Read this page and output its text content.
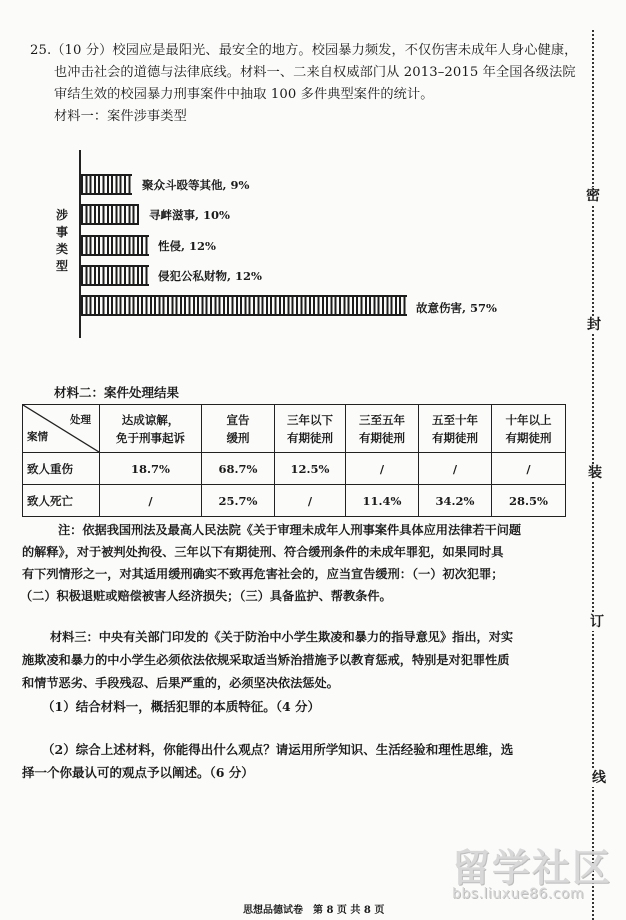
25.（10 分）校园应是最阳光、最安全的地方。校园暴力频发，不仅伤害未成年人身心健康，
也冲击社会的道德与法律底线。材料一、二来自权威部门从 2013–2015 年全国各级法院
审结生效的校园暴力刑事案件中抽取 100 多件典型案件的统计。
材料一：案件涉事类型
涉
事
类
型
聚众斗殴等其他, 9%
寻衅滋事, 10%
性侵, 12%
侵犯公私财物, 12%
故意伤害, 57%
材料二：案件处理结果
处理
案情

达成谅解，
免于刑事起诉

宣告
缓刑

三年以下
有期徒刑

三至五年
有期徒刑

五至十年
有期徒刑

十年以上
有期徒刑

致人重伤	18.7%	68.7%	12.5%	/	/	/
致人死亡	/	25.7%	/	11.4%	34.2%	28.5%
注：依据我国刑法及最高人民法院《关于审理未成年人刑事案件具体应用法律若干问题
的解释》，对于被判处拘役、三年以下有期徒刑、符合缓刑条件的未成年罪犯，如果同时具
有下列情形之一，对其适用缓刑确实不致再危害社会的，应当宣告缓刑：（一）初次犯罪；
（二）积极退赃或赔偿被害人经济损失；（三）具备监护、帮教条件。
材料三：中央有关部门印发的《关于防治中小学生欺凌和暴力的指导意见》指出，对实
施欺凌和暴力的中小学生必须依法依规采取适当矫治措施予以教育惩戒，特别是对犯罪性质
和情节恶劣、手段残忍、后果严重的，必须坚决依法惩处。
（1）结合材料一，概括犯罪的本质特征。（4 分）
（2）综合上述材料，你能得出什么观点？请运用所学知识、生活经验和理性思维，选
择一个你最认可的观点予以阐述。（6 分）
密
封
装
订
线
思想品德试卷　第 8 页 共 8 页
留学社区
bbs.liuxue86.com
